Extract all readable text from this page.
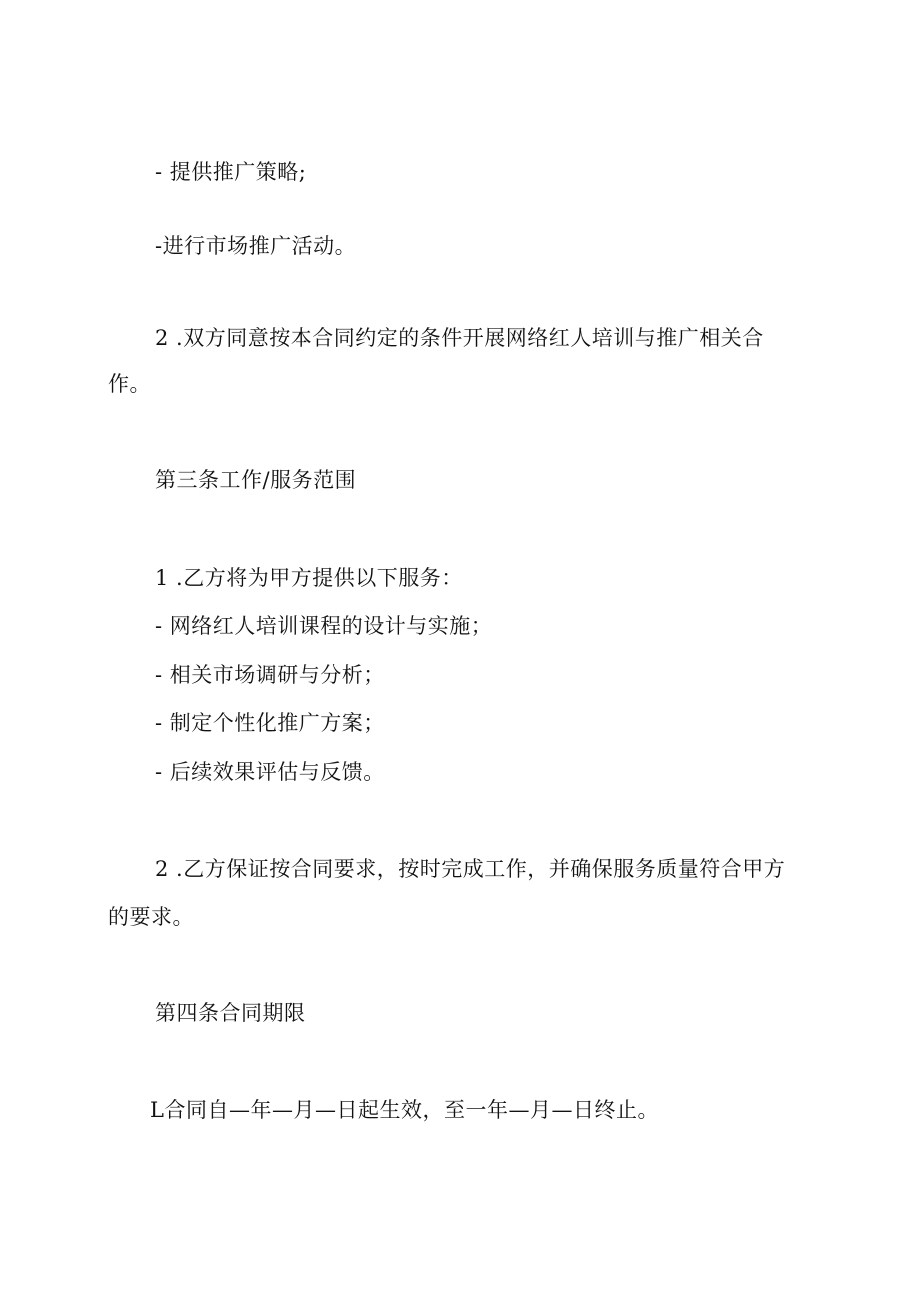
- 提供推广策略;
-进行市场推广活动。
2 .双方同意按本合同约定的条件开展网络红人培训与推广相关合
作。
第三条工作/服务范围
1 .乙方将为甲方提供以下服务：
- 网络红人培训课程的设计与实施；
- 相关市场调研与分析；
- 制定个性化推广方案；
- 后续效果评估与反馈。
2 .乙方保证按合同要求，按时完成工作，并确保服务质量符合甲方
的要求。
第四条合同期限
L合同自—年—月—日起生效，至一年—月—日终止。
